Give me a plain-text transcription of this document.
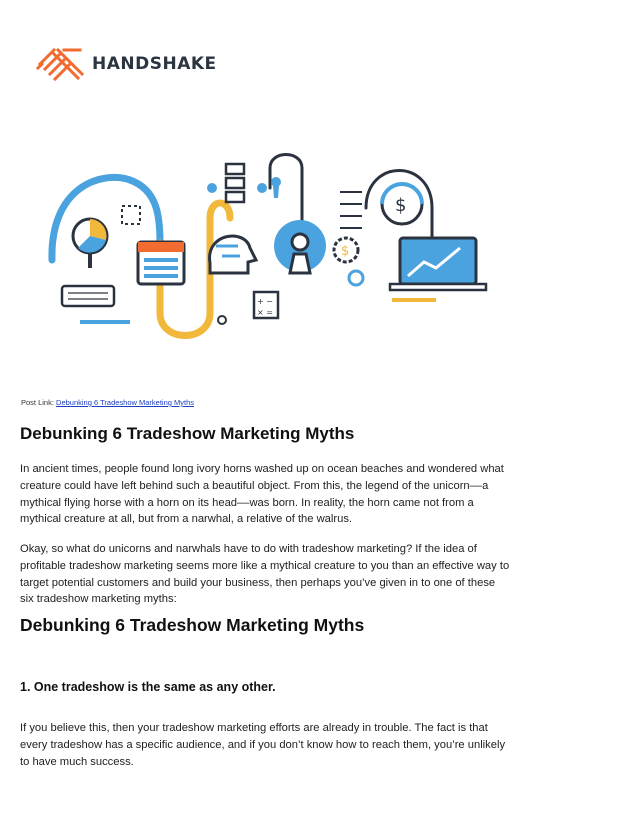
HANDSHAKE
+ −
× =
$
$
Post Link: Debunking 6 Tradeshow Marketing Myths
Debunking 6 Tradeshow Marketing Myths

In ancient times, people found long ivory horns washed up on ocean beaches and wondered what creature could have left behind such a beautiful object. From this, the legend of the unicorn––a mythical flying horse with a horn on its head––was born. In reality, the horn came not from a mythical creature at all, but from a narwhal, a relative of the walrus.

Okay, so what do unicorns and narwhals have to do with tradeshow marketing? If the idea of profitable tradeshow marketing seems more like a mythical creature to you than an effective way to target potential customers and build your business, then perhaps you’ve given in to one of these six tradeshow marketing myths:

Debunking 6 Tradeshow Marketing Myths
1. One tradeshow is the same as any other.

If you believe this, then your tradeshow marketing efforts are already in trouble. The fact is that every tradeshow has a specific audience, and if you don’t know how to reach them, you’re unlikely to have much success.
